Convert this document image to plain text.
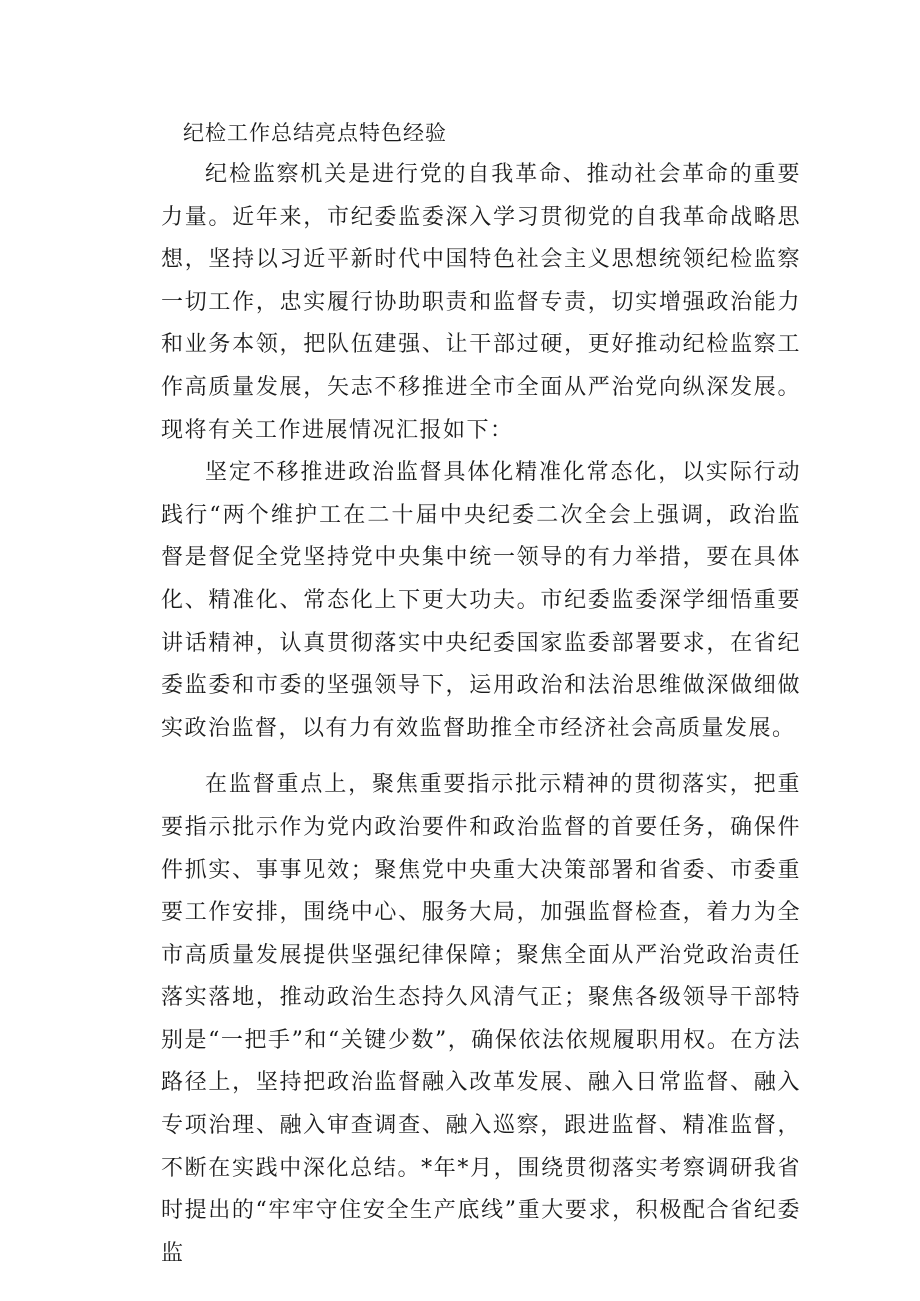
纪检工作总结亮点特色经验

纪检监察机关是进行党的自我革命、推动社会革命的重要力量。近年来，市纪委监委深入学习贯彻党的自我革命战略思想，坚持以习近平新时代中国特色社会主义思想统领纪检监察一切工作，忠实履行协助职责和监督专责，切实增强政治能力和业务本领，把队伍建强、让干部过硬，更好推动纪检监察工作高质量发展，矢志不移推进全市全面从严治党向纵深发展。现将有关工作进展情况汇报如下：

坚定不移推进政治监督具体化精准化常态化，以实际行动践行“两个维护工在二十届中央纪委二次全会上强调，政治监督是督促全党坚持党中央集中统一领导的有力举措，要在具体化、精准化、常态化上下更大功夫。市纪委监委深学细悟重要讲话精神，认真贯彻落实中央纪委国家监委部署要求，在省纪委监委和市委的坚强领导下，运用政治和法治思维做深做细做实政治监督，以有力有效监督助推全市经济社会高质量发展。

在监督重点上，聚焦重要指示批示精神的贯彻落实，把重要指示批示作为党内政治要件和政治监督的首要任务，确保件件抓实、事事见效；聚焦党中央重大决策部署和省委、市委重要工作安排，围绕中心、服务大局，加强监督检查，着力为全市高质量发展提供坚强纪律保障；聚焦全面从严治党政治责任落实落地，推动政治生态持久风清气正；聚焦各级领导干部特别是“一把手”和“关键少数”，确保依法依规履职用权。在方法路径上，坚持把政治监督融入改革发展、融入日常监督、融入专项治理、融入审查调查、融入巡察，跟进监督、精准监督，不断在实践中深化总结。*年*月，围绕贯彻落实考察调研我省时提出的“牢牢守住安全生产底线”重大要求，积极配合省纪委监
